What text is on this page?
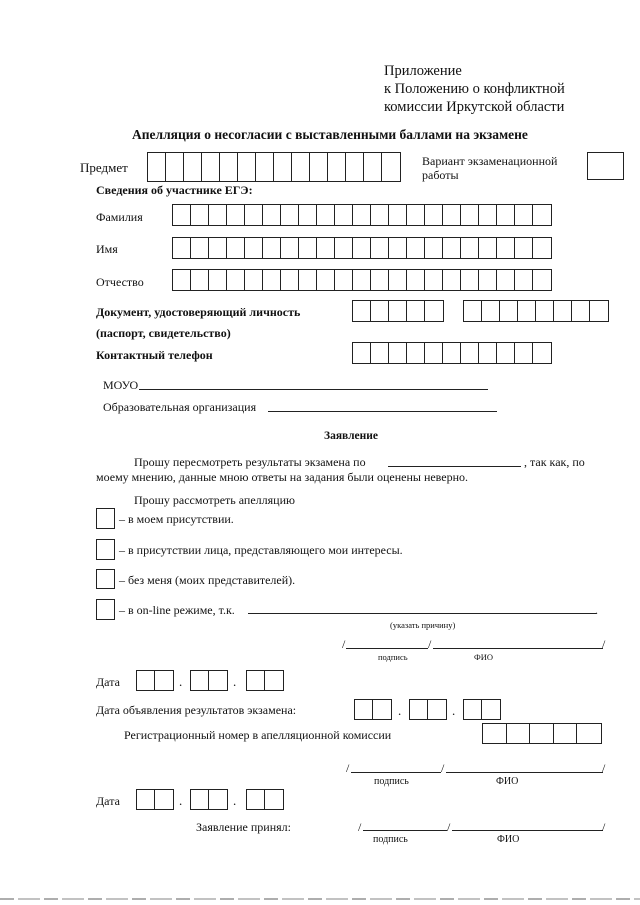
Приложение
к Положению о конфликтной
комиссии Иркутской области
Апелляция о несогласии с выставленными баллами на экзамене
Предмет	Вариант экзаменационной
работы
Сведения об участнике ЕГЭ:
Фамилия
Имя
Отчество
Документ, удостоверяющий личность
(паспорт, свидетельство)
Контактный телефон
МОУО
Образовательная организация
Заявление
Прошу пересмотреть результаты экзамена по	, так как, по
моему мнению, данные мною ответы на задания были оценены неверно.
Прошу рассмотреть апелляцию
– в моем присутствии.
– в присутствии лица, представляющего мои интересы.
– без меня (моих представителей).
– в on-line режиме, т.к.	.
(указать причину)
/	/	/
подпись	ФИО
Дата	.	.
Дата объявления результатов экзамена:	.	.
Регистрационный номер в апелляционной комиссии
/	/	/
подпись	ФИО
Дата	.	.
Заявление принял:	/	/	/
подпись	ФИО
